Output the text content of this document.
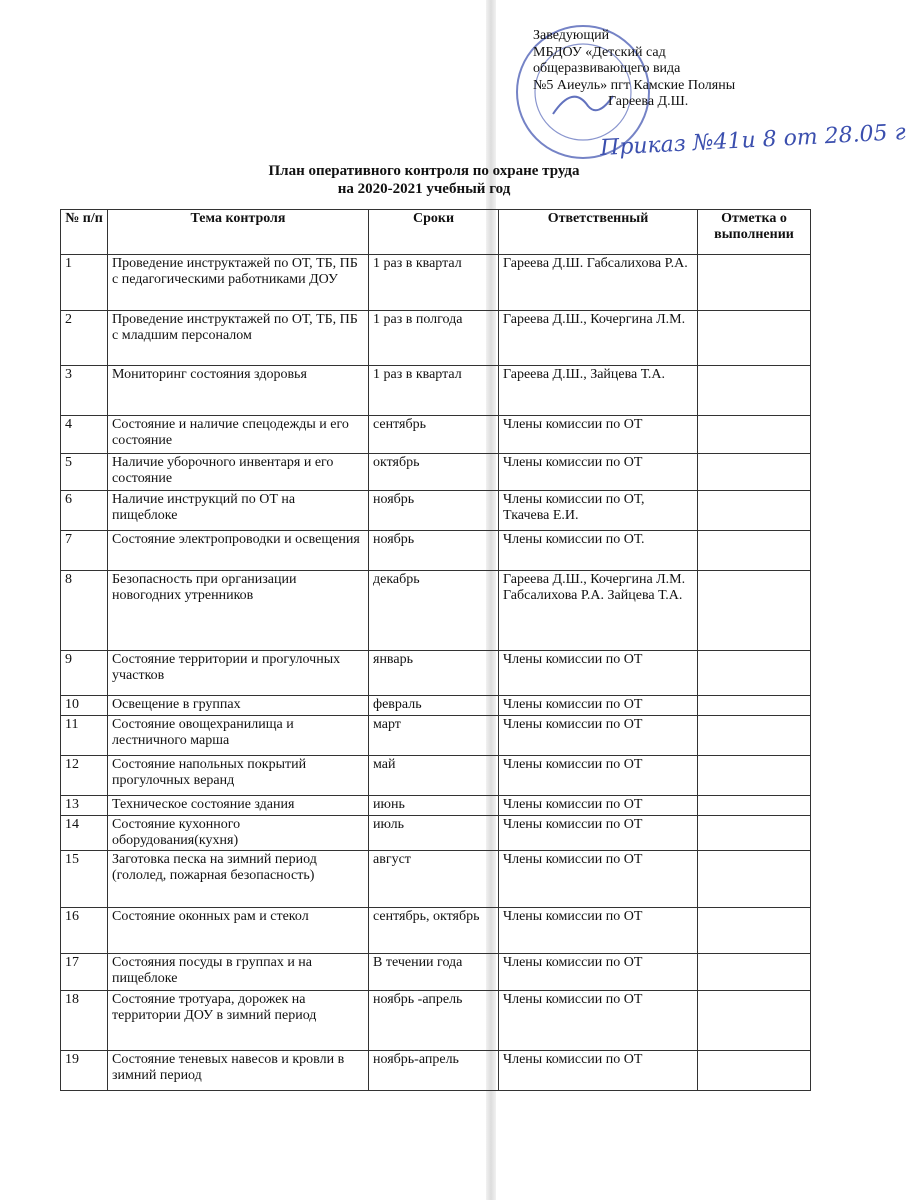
Заведующий
МБДОУ «Детский сад
общеразвивающего вида
№5 Аиеуль» пгт Камские Поляны
Гареева Д.Ш.
Приказ №41и 8 от 28.05 г
План оперативного контроля по охране труда
на 2020-2021 учебный год
№ п/п	Тема контроля	Сроки	Ответственный	Отметка о выполнении
1	Проведение инструктажей по ОТ, ТБ, ПБ с педагогическими работниками ДОУ	1 раз в квартал	Гареева Д.Ш. Габсалихова Р.А.	
2	Проведение инструктажей по ОТ, ТБ, ПБ с младшим персоналом	1 раз в полгода	Гареева Д.Ш., Кочергина Л.М.	
3	Мониторинг состояния здоровья	1 раз в квартал	Гареева Д.Ш., Зайцева Т.А.	
4	Состояние и наличие спецодежды и его состояние	сентябрь	Члены комиссии по ОТ	
5	Наличие уборочного инвентаря и его состояние	октябрь	Члены комиссии по ОТ	
6	Наличие инструкций по ОТ на пищеблоке	ноябрь	Члены комиссии по ОТ, Ткачева Е.И.	
7	Состояние электропроводки и освещения	ноябрь	Члены комиссии по ОТ.	
8	Безопасность при организации новогодних утренников	декабрь	Гареева Д.Ш., Кочергина Л.М. Габсалихова Р.А. Зайцева Т.А.	
9	Состояние территории и прогулочных участков	январь	Члены комиссии по ОТ	
10	Освещение в группах	февраль	Члены комиссии по ОТ	
11	Состояние овощехранилища и лестничного марша	март	Члены комиссии по ОТ	
12	Состояние напольных покрытий прогулочных веранд	май	Члены комиссии по ОТ	
13	Техническое состояние здания	июнь	Члены комиссии по ОТ	
14	Состояние кухонного оборудования(кухня)	июль	Члены комиссии по ОТ	
15	Заготовка песка на зимний период (гололед, пожарная безопасность)	август	Члены комиссии по ОТ	
16	Состояние оконных рам и стекол	сентябрь, октябрь	Члены комиссии по ОТ	
17	Состояния посуды в группах и на пищеблоке	В течении года	Члены комиссии по ОТ	
18	Состояние тротуара, дорожек на территории ДОУ в зимний период	ноябрь -апрель	Члены комиссии по ОТ	
19	Состояние теневых навесов и кровли в зимний период	ноябрь-апрель	Члены комиссии по ОТ	
